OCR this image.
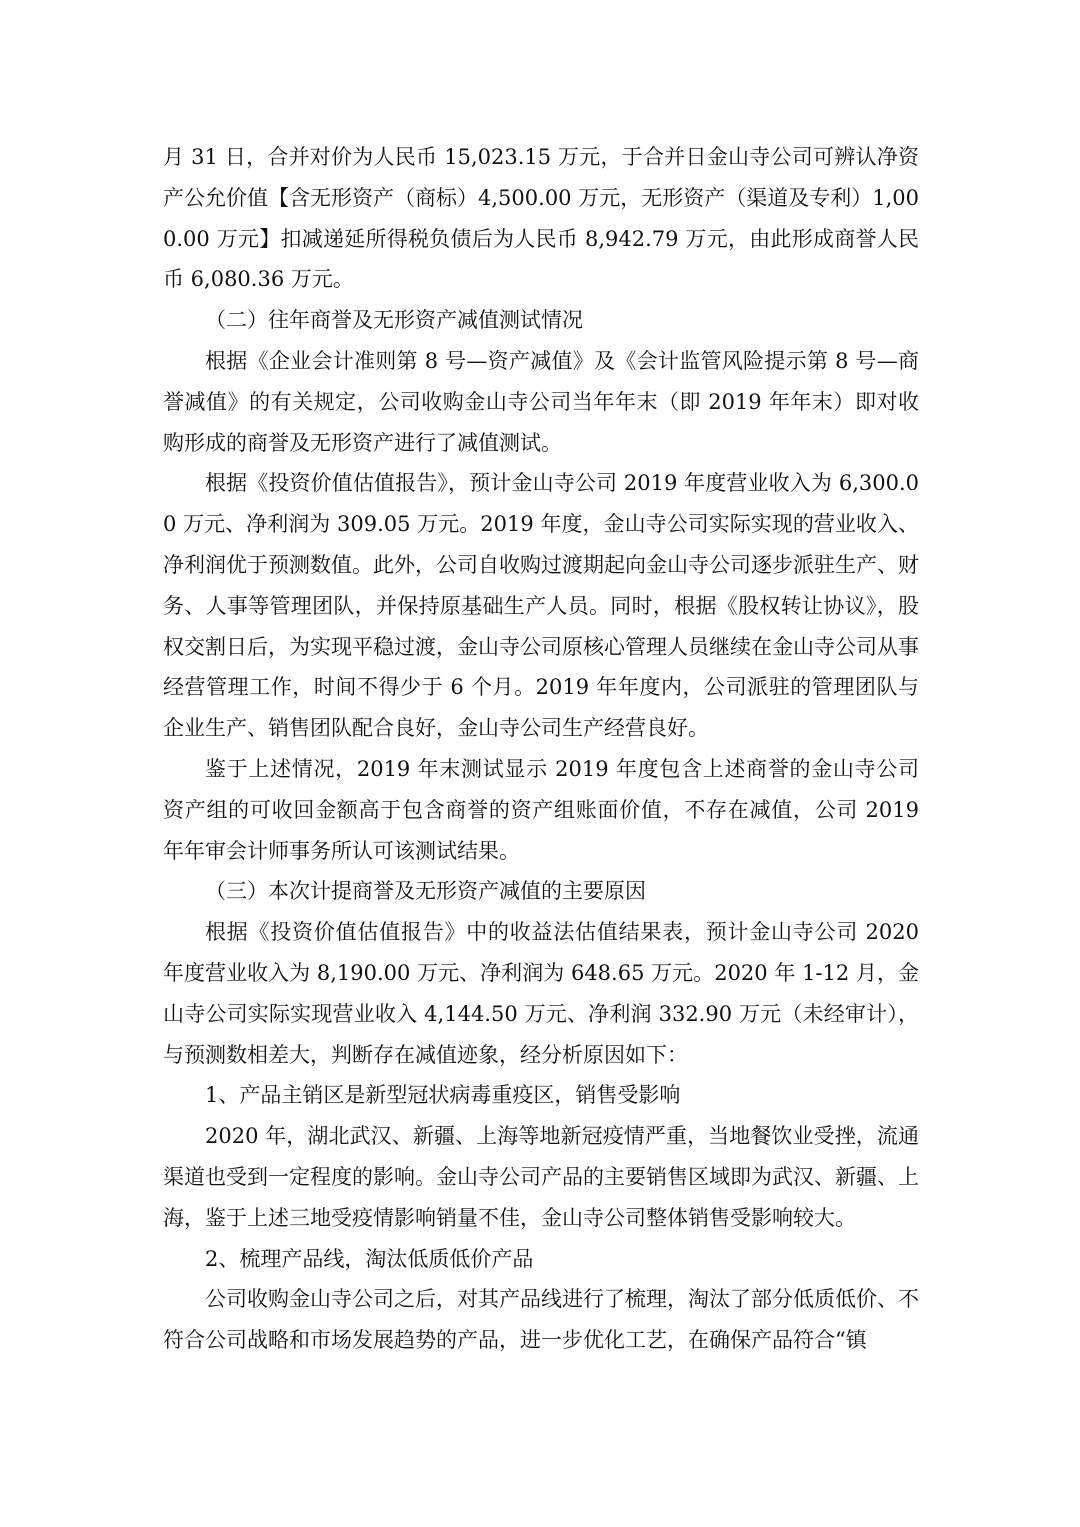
月 31 日，合并对价为人民币 15,023.15 万元，于合并日金山寺公司可辨认净资产公允价值【含无形资产（商标）4,500.00 万元，无形资产（渠道及专利）1,000.00 万元】扣减递延所得税负债后为人民币 8,942.79 万元，由此形成商誉人民币 6,080.36 万元。

（二）往年商誉及无形资产减值测试情况

根据《企业会计准则第 8 号—资产减值》及《会计监管风险提示第 8 号—商誉减值》的有关规定，公司收购金山寺公司当年年末（即 2019 年年末）即对收购形成的商誉及无形资产进行了减值测试。

根据《投资价值估值报告》，预计金山寺公司 2019 年度营业收入为 6,300.00 万元、净利润为 309.05 万元。2019 年度，金山寺公司实际实现的营业收入、净利润优于预测数值。此外，公司自收购过渡期起向金山寺公司逐步派驻生产、财务、人事等管理团队，并保持原基础生产人员。同时，根据《股权转让协议》，股权交割日后，为实现平稳过渡，金山寺公司原核心管理人员继续在金山寺公司从事经营管理工作，时间不得少于 6 个月。2019 年年度内，公司派驻的管理团队与企业生产、销售团队配合良好，金山寺公司生产经营良好。

鉴于上述情况，2019 年末测试显示 2019 年度包含上述商誉的金山寺公司资产组的可收回金额高于包含商誉的资产组账面价值，不存在减值，公司 2019 年年审会计师事务所认可该测试结果。

（三）本次计提商誉及无形资产减值的主要原因

根据《投资价值估值报告》中的收益法估值结果表，预计金山寺公司 2020 年度营业收入为 8,190.00 万元、净利润为 648.65 万元。2020 年 1-12 月，金山寺公司实际实现营业收入 4,144.50 万元、净利润 332.90 万元（未经审计），与预测数相差大，判断存在减值迹象，经分析原因如下：

1、产品主销区是新型冠状病毒重疫区，销售受影响

2020 年，湖北武汉、新疆、上海等地新冠疫情严重，当地餐饮业受挫，流通渠道也受到一定程度的影响。金山寺公司产品的主要销售区域即为武汉、新疆、上海，鉴于上述三地受疫情影响销量不佳，金山寺公司整体销售受影响较大。

2、梳理产品线，淘汰低质低价产品

公司收购金山寺公司之后，对其产品线进行了梳理，淘汰了部分低质低价、不符合公司战略和市场发展趋势的产品，进一步优化工艺，在确保产品符合“镇
